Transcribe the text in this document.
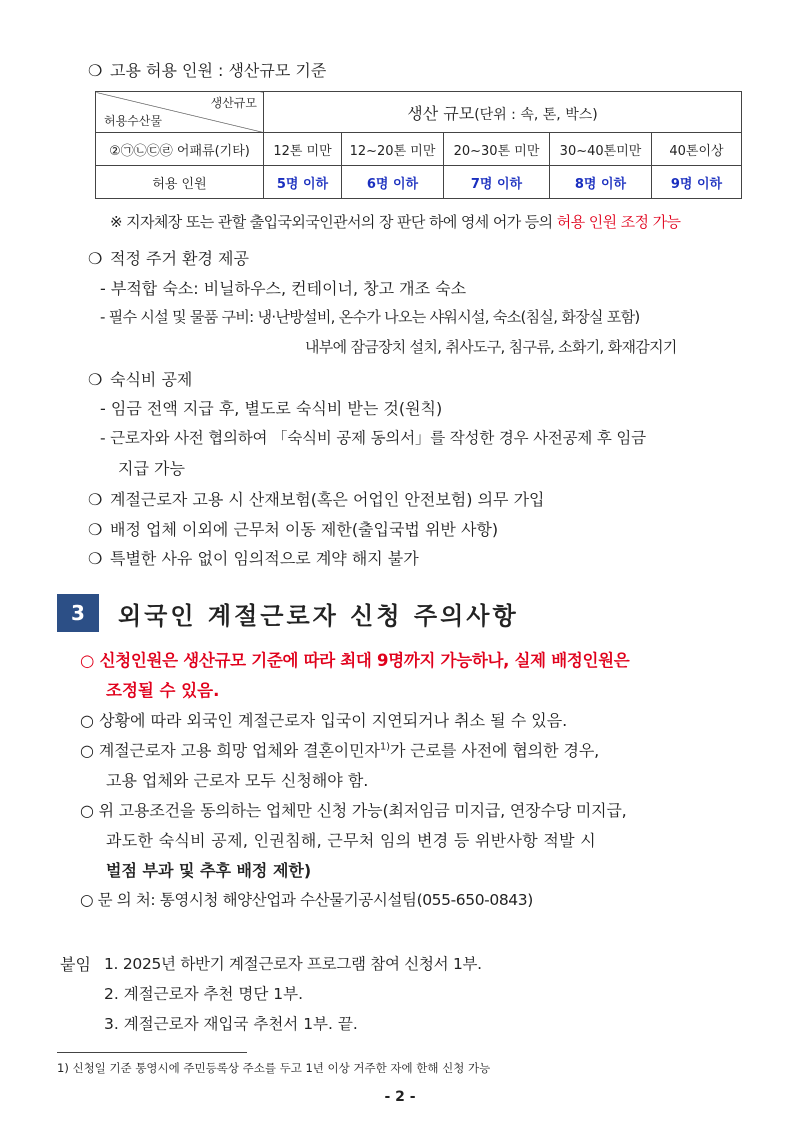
❍ 고용 허용 인원 : 생산규모 기준
생산규모
허용수산물	생산 규모(단위 : 속, 톤, 박스)				
②㉠㉡㉢㉣ 어패류(기타)	12톤 미만	12~20톤 미만	20~30톤 미만	30~40톤미만	40톤이상
허용 인원	5명 이하	6명 이하	7명 이하	8명 이하	9명 이하
※ 지자체장 또는 관할 출입국외국인관서의 장 판단 하에 영세 어가 등의 허용 인원 조정 가능
❍ 적정 주거 환경 제공
- 부적합 숙소: 비닐하우스, 컨테이너, 창고 개조 숙소
- 필수 시설 및 물품 구비: 냉·난방설비, 온수가 나오는 샤워시설, 숙소(침실, 화장실 포함)
내부에 잠금장치 설치, 취사도구, 침구류, 소화기, 화재감지기
❍ 숙식비 공제
- 임금 전액 지급 후, 별도로 숙식비 받는 것(원칙)
- 근로자와 사전 협의하여 「숙식비 공제 동의서」를 작성한 경우 사전공제 후 임금
지급 가능
❍ 계절근로자 고용 시 산재보험(혹은 어업인 안전보험) 의무 가입
❍ 배정 업체 이외에 근무처 이동 제한(출입국법 위반 사항)
❍ 특별한 사유 없이 임의적으로 계약 해지 불가
3	외국인 계절근로자 신청 주의사항
○ 신청인원은 생산규모 기준에 따라 최대 9명까지 가능하나, 실제 배정인원은
조정될 수 있음.
○ 상황에 따라 외국인 계절근로자 입국이 지연되거나 취소 될 수 있음.
○ 계절근로자 고용 희망 업체와 결혼이민자$^{1)}$가 근로를 사전에 협의한 경우,
고용 업체와 근로자 모두 신청해야 함.
○ 위 고용조건을 동의하는 업체만 신청 가능(최저임금 미지급, 연장수당 미지급,
과도한 숙식비 공제, 인권침해, 근무처 임의 변경 등 위반사항 적발 시
벌점 부과 및 추후 배정 제한)
○ 문 의 처: 통영시청 해양산업과 수산물기공시설팀(055-650-0843)
붙임 1. 2025년 하반기 계절근로자 프로그램 참여 신청서 1부.
2. 계절근로자 추천 명단 1부.
3. 계절근로자 재입국 추천서 1부. 끝.
1) 신청일 기준 통영시에 주민등록상 주소를 두고 1년 이상 거주한 자에 한해 신청 가능
- 2 -
